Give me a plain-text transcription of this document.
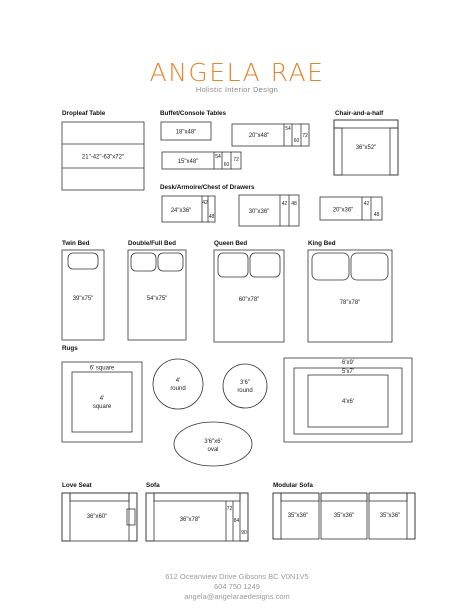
ANGELA RAE
Holistic Interior Design
Dropleaf Table
21"-42"-63"x72"
Buffet/Console Tables
18"x48"
20"x48"
54
60
72
15"x48"
54
60
72
Chair-and-a-half
36"x52"
Desk/Armoire/Chest of Drawers
24"x36"
42
48
30"x36"
42 48
20"x36"
42
48
Twin Bed
39"x75"
Double/Full Bed
54"x75"
Queen Bed
60"x78"
King Bed
78"x78"
Rugs
6' square
4'
square
4'
round
3'6"
round
3'6"x6'
oval
6'x9'
5'x7'
4'x6'
Love Seat
36"x60"
Sofa
36"x78"
72
84
90
Modular Sofa
35"x36"	35"x36"	35"x36"
612 Oceanview Drive Gibsons BC V0N1V5
604 750 1249
angela@angelaraedesigns.com
